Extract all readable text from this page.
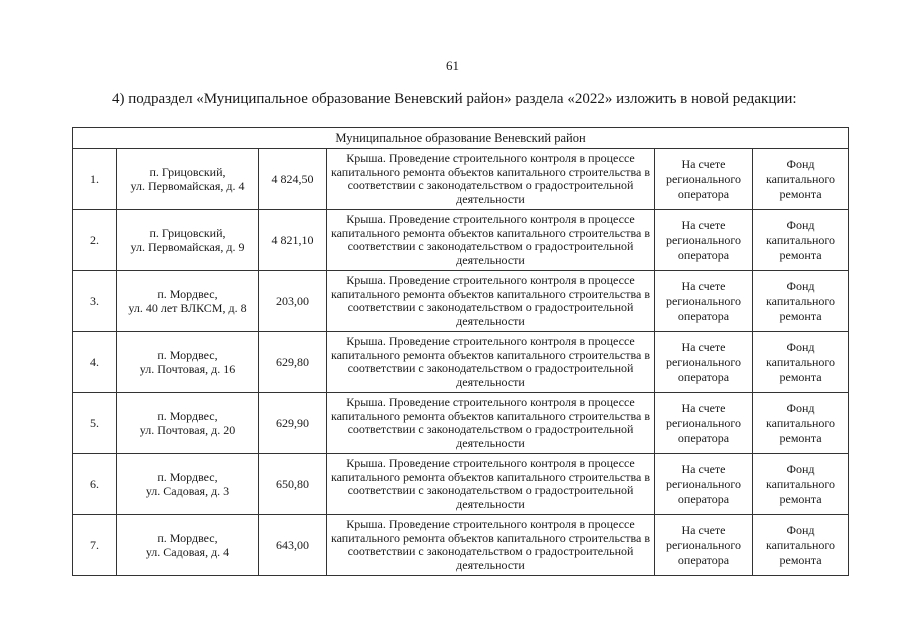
61
4) подраздел «Муниципальное образование Веневский район» раздела «2022» изложить в новой редакции:
Муниципальное образование Веневский район					
1.	п. Грицовский,
ул. Первомайская, д. 4	4 824,50	Крыша. Проведение строительного контроля в процессе капитального ремонта объектов капитального строительства в соответствии с законодательством о градостроительной деятельности	На счете регионального оператора	Фонд капитального ремонта
2.	п. Грицовский,
ул. Первомайская, д. 9	4 821,10	Крыша. Проведение строительного контроля в процессе капитального ремонта объектов капитального строительства в соответствии с законодательством о градостроительной деятельности	На счете регионального оператора	Фонд капитального ремонта
3.	п. Мордвес,
ул. 40 лет ВЛКСМ, д. 8	203,00	Крыша. Проведение строительного контроля в процессе капитального ремонта объектов капитального строительства в соответствии с законодательством о градостроительной деятельности	На счете регионального оператора	Фонд капитального ремонта
4.	п. Мордвес,
ул. Почтовая, д. 16	629,80	Крыша. Проведение строительного контроля в процессе капитального ремонта объектов капитального строительства в соответствии с законодательством о градостроительной деятельности	На счете регионального оператора	Фонд капитального ремонта
5.	п. Мордвес,
ул. Почтовая, д. 20	629,90	Крыша. Проведение строительного контроля в процессе капитального ремонта объектов капитального строительства в соответствии с законодательством о градостроительной деятельности	На счете регионального оператора	Фонд капитального ремонта
6.	п. Мордвес,
ул. Садовая, д. 3	650,80	Крыша. Проведение строительного контроля в процессе капитального ремонта объектов капитального строительства в соответствии с законодательством о градостроительной деятельности	На счете регионального оператора	Фонд капитального ремонта
7.	п. Мордвес,
ул. Садовая, д. 4	643,00	Крыша. Проведение строительного контроля в процессе капитального ремонта объектов капитального строительства в соответствии с законодательством о градостроительной деятельности	На счете регионального оператора	Фонд капитального ремонта
